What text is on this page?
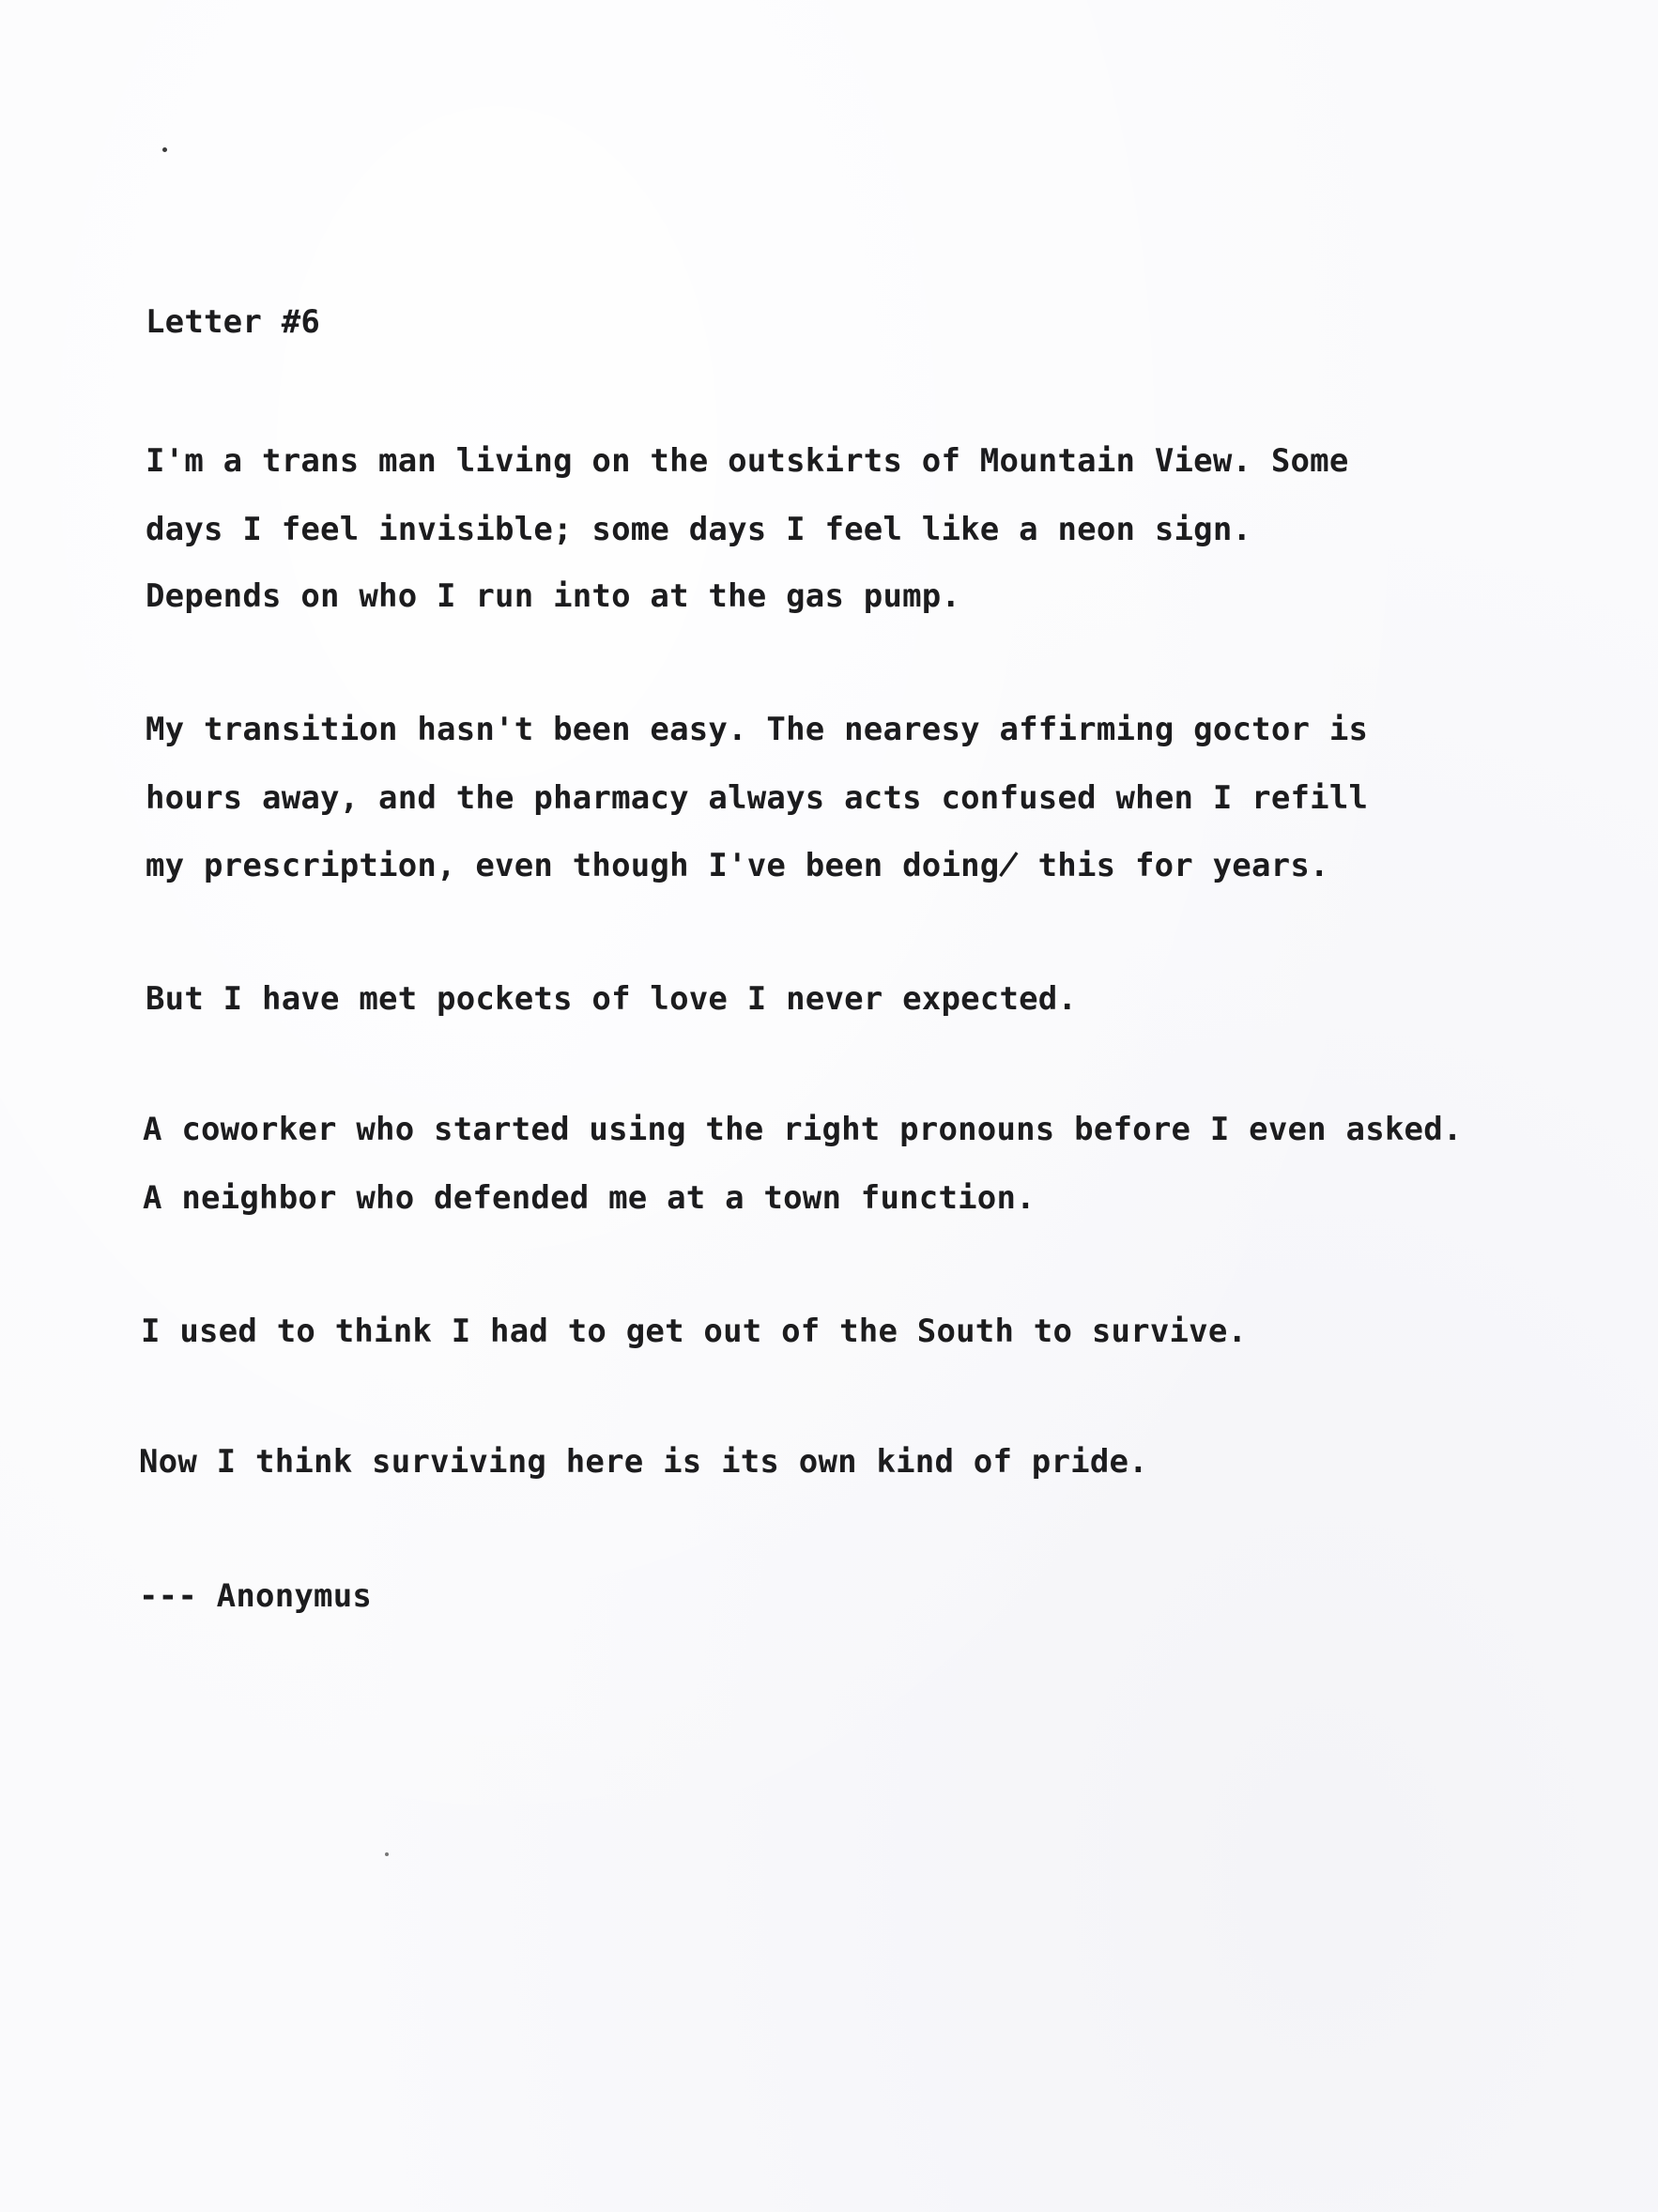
Letter #6
I'm a trans man living on the outskirts of Mountain View. Some
days I feel invisible; some days I feel like a neon sign.
Depends on who I run into at the gas pump.
My transition hasn't been easy. The nearesy affirming goctor is
hours away, and the pharmacy always acts confused when I refill
my prescription, even though I've been doing̸ this for years.
But I have met pockets of love I never expected.
A coworker who started using the right pronouns before I even asked.
A neighbor who defended me at a town function.
I used to think I had to get out of the South to survive.
Now I think surviving here is its own kind of pride.
--- Anonymus
